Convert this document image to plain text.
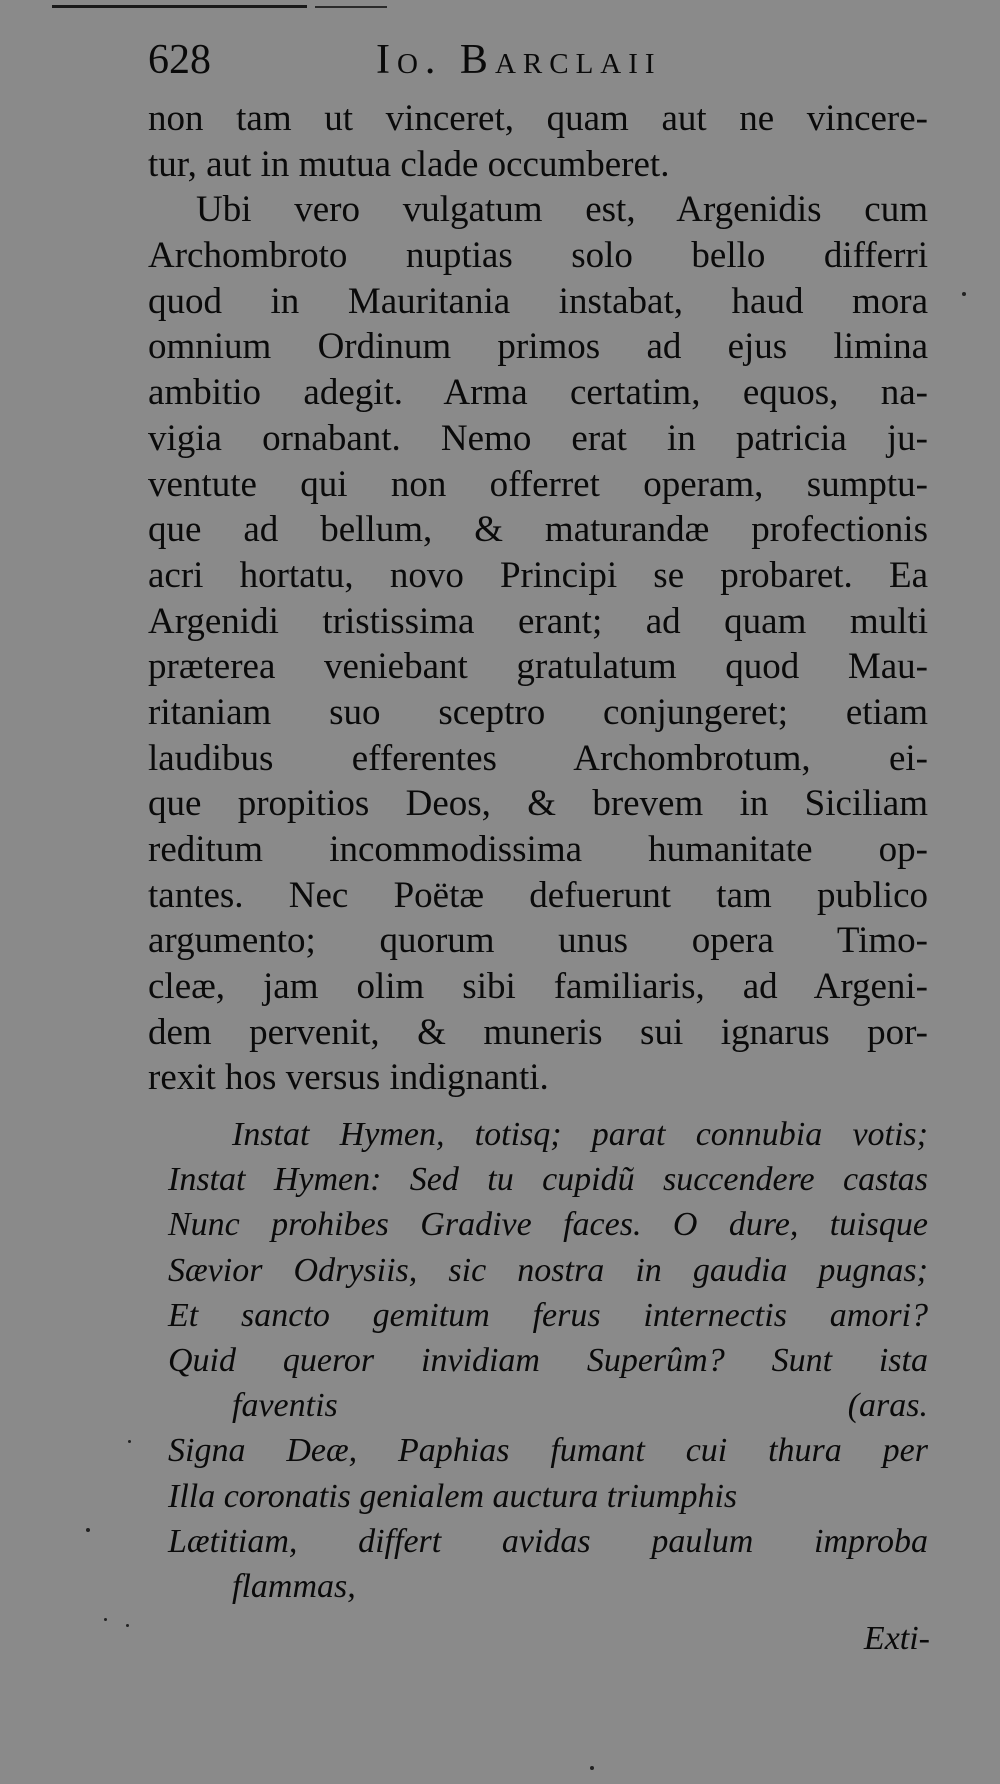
628	Io. Barclaii
non tam ut vinceret, quam aut ne vincere-
tur, aut in mutua clade occumberet.
Ubi vero vulgatum est, Argenidis cum
Archombroto nuptias solo bello differri
quod in Mauritania instabat, haud mora
omnium Ordinum primos ad ejus limina
ambitio adegit. Arma certatim, equos, na-
vigia ornabant. Nemo erat in patricia ju-
ventute qui non offerret operam, sumptu-
que ad bellum, & maturandæ profectionis
acri hortatu, novo Principi se probaret. Ea
Argenidi tristissima erant; ad quam multi
præterea veniebant gratulatum quod Mau-
ritaniam suo sceptro conjungeret; etiam
laudibus efferentes Archombrotum, ei-
que propitios Deos, & brevem in Siciliam
reditum incommodissima humanitate op-
tantes. Nec Poëtæ defuerunt tam publico
argumento; quorum unus opera Timo-
cleæ, jam olim sibi familiaris, ad Argeni-
dem pervenit, & muneris sui ignarus por-
rexit hos versus indignanti.
Instat Hymen, totisq; parat connubia votis;
Instat Hymen: Sed tu cupidũ succendere castas
Nunc prohibes Gradive faces. O dure, tuisque
Sævior Odrysiis, sic nostra in gaudia pugnas;
Et sancto gemitum ferus internectis amori?
Quid queror invidiam Superûm? Sunt ista
faventis	(aras.
Signa Deæ, Paphias fumant cui thura per
Illa coronatis genialem auctura triumphis
Lætitiam, differt avidas paulum improba
flammas,
Exti-
